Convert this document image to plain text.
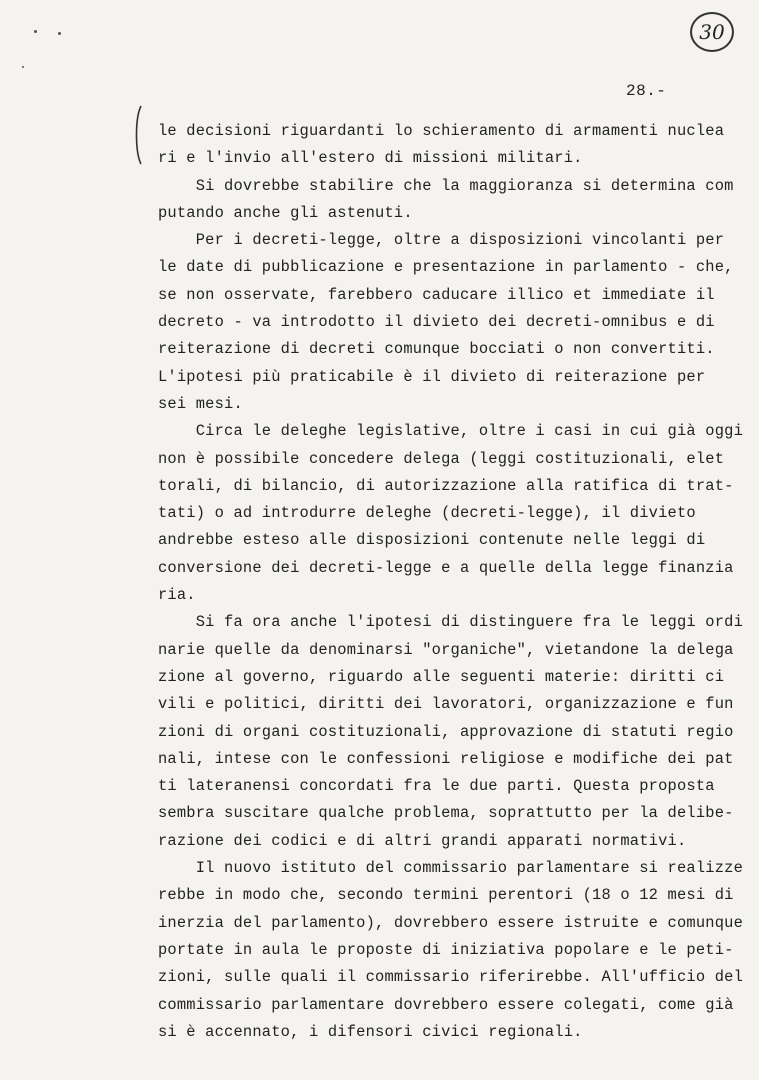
30
28.-
le decisioni riguardanti lo schieramento di armamenti nuclea
ri e l'invio all'estero di missioni militari.
Si dovrebbe stabilire che la maggioranza si determina com
putando anche gli astenuti.
Per i decreti-legge, oltre a disposizioni vincolanti per
le date di pubblicazione e presentazione in parlamento - che,
se non osservate, farebbero caducare illico et immediate il
decreto - va introdotto il divieto dei decreti-omnibus e di
reiterazione di decreti comunque bocciati o non convertiti.
L'ipotesi più praticabile è il divieto di reiterazione per
sei mesi.
Circa le deleghe legislative, oltre i casi in cui già oggi
non è possibile concedere delega (leggi costituzionali, elet
torali, di bilancio, di autorizzazione alla ratifica di trat-
tati) o ad introdurre deleghe (decreti-legge), il divieto
andrebbe esteso alle disposizioni contenute nelle leggi di
conversione dei decreti-legge e a quelle della legge finanzia
ria.
Si fa ora anche l'ipotesi di distinguere fra le leggi ordi
narie quelle da denominarsi "organiche", vietandone la delega
zione al governo, riguardo alle seguenti materie: diritti ci
vili e politici, diritti dei lavoratori, organizzazione e fun
zioni di organi costituzionali, approvazione di statuti regio
nali, intese con le confessioni religiose e modifiche dei pat
ti lateranensi concordati fra le due parti. Questa proposta
sembra suscitare qualche problema, soprattutto per la delibe-
razione dei codici e di altri grandi apparati normativi.
Il nuovo istituto del commissario parlamentare si realizze
rebbe in modo che, secondo termini perentori (18 o 12 mesi di
inerzia del parlamento), dovrebbero essere istruite e comunque
portate in aula le proposte di iniziativa popolare e le peti-
zioni, sulle quali il commissario riferirebbe. All'ufficio del
commissario parlamentare dovrebbero essere colegati, come già
si è accennato, i difensori civici regionali.
